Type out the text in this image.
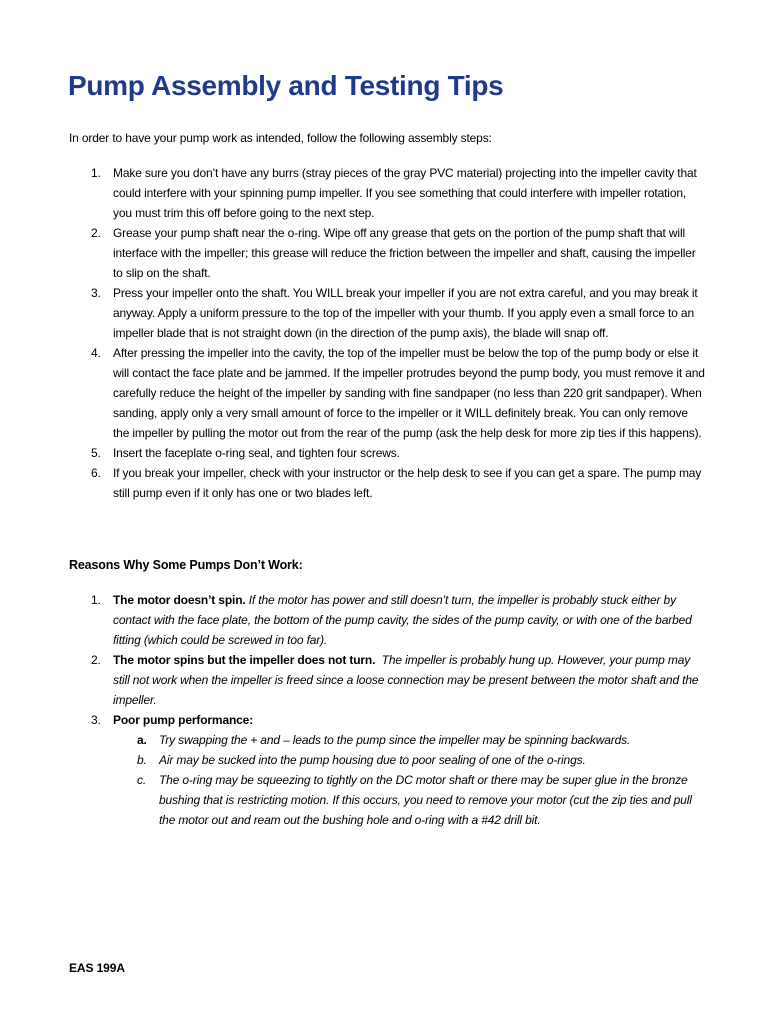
Pump Assembly and Testing Tips

In order to have your pump work as intended, follow the following assembly steps:

1. Make sure you don’t have any burrs (stray pieces of the gray PVC material) projecting into the impeller cavity that could interfere with your spinning pump impeller. If you see something that could interfere with impeller rotation, you must trim this off before going to the next step.
2. Grease your pump shaft near the o-ring. Wipe off any grease that gets on the portion of the pump shaft that will interface with the impeller; this grease will reduce the friction between the impeller and shaft, causing the impeller to slip on the shaft.
3. Press your impeller onto the shaft. You WILL break your impeller if you are not extra careful, and you may break it anyway. Apply a uniform pressure to the top of the impeller with your thumb. If you apply even a small force to an impeller blade that is not straight down (in the direction of the pump axis), the blade will snap off.
4. After pressing the impeller into the cavity, the top of the impeller must be below the top of the pump body or else it will contact the face plate and be jammed. If the impeller protrudes beyond the pump body, you must remove it and carefully reduce the height of the impeller by sanding with fine sandpaper (no less than 220 grit sandpaper). When sanding, apply only a very small amount of force to the impeller or it WILL definitely break. You can only remove the impeller by pulling the motor out from the rear of the pump (ask the help desk for more zip ties if this happens).
5. Insert the faceplate o-ring seal, and tighten four screws.
6. If you break your impeller, check with your instructor or the help desk to see if you can get a spare. The pump may still pump even if it only has one or two blades left.
Reasons Why Some Pumps Don’t Work:
1. The motor doesn’t spin. If the motor has power and still doesn’t turn, the impeller is probably stuck either by contact with the face plate, the bottom of the pump cavity, the sides of the pump cavity, or with one of the barbed fitting (which could be screwed in too far).
2. The motor spins but the impeller does not turn. The impeller is probably hung up. However, your pump may still not work when the impeller is freed since a loose connection may be present between the motor shaft and the impeller.
3. Poor pump performance:
a. Try swapping the + and – leads to the pump since the impeller may be spinning backwards.
b. Air may be sucked into the pump housing due to poor sealing of one of the o-rings.
c. The o-ring may be squeezing to tightly on the DC motor shaft or there may be super glue in the bronze bushing that is restricting motion. If this occurs, you need to remove your motor (cut the zip ties and pull the motor out and ream out the bushing hole and o-ring with a #42 drill bit.

EAS 199A
